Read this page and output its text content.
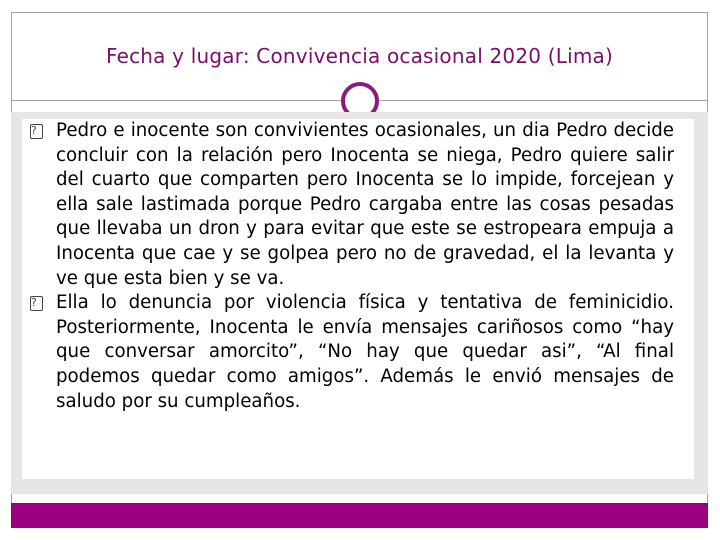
Fecha y lugar: Convivencia ocasional 2020 (Lima)
?	Pedro e inocente son convivientes ocasionales, un dia Pedro decide concluir con la relación pero Inocenta se niega, Pedro quiere salir del cuarto que comparten pero Inocenta se lo impide, forcejean y ella sale lastimada porque Pedro cargaba entre las cosas pesadas que llevaba un dron y para evitar que este se estropeara empuja a Inocenta que cae y se golpea pero no de gravedad, el la levanta y ve que esta bien y se va.
?	Ella lo denuncia por violencia física y tentativa de feminicidio. Posteriormente, Inocenta le envía mensajes cariñosos como “hay que conversar amorcito”, “No hay que quedar asi”, “Al final podemos quedar como amigos”. Además le envió mensajes de saludo por su cumpleaños.
